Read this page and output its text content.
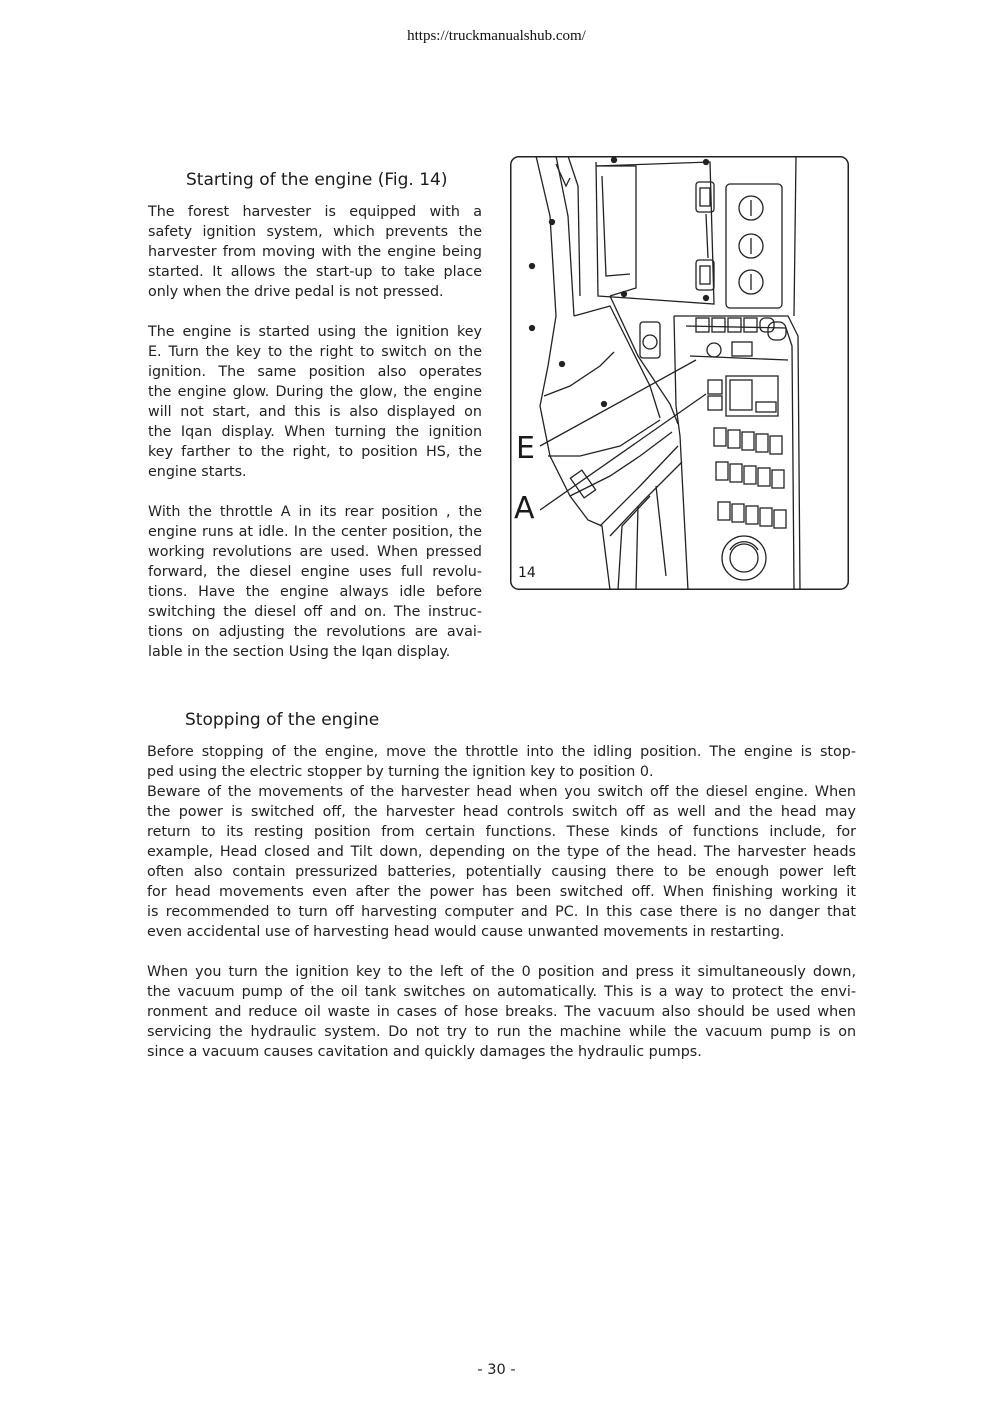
https://truckmanualshub.com/
Starting of the engine (Fig. 14)
The forest harvester is equipped with a
safety ignition system, which prevents the
harvester from moving with the engine being
started. It allows the start-up to take place
only when the drive pedal is not pressed.
The engine is started using the ignition key
E. Turn the key to the right to switch on the
ignition. The same position also operates
the engine glow. During the glow, the engine
will not start, and this is also displayed on
the Iqan display. When turning the ignition
key farther to the right, to position HS, the
engine starts.
With the throttle A in its rear position , the
engine runs at idle. In the center position, the
working revolutions are used. When pressed
forward, the diesel engine uses full revolu-
tions. Have the engine always idle before
switching the diesel off and on. The instruc-
tions on adjusting the revolutions are avai-
lable in the section Using the Iqan display.
E
A
14
Stopping of the engine
Before stopping of the engine, move the throttle into the idling position. The engine is stop-
ped using the electric stopper by turning the ignition key to position 0.
Beware of the movements of the harvester head when you switch off the diesel engine. When
the power is switched off, the harvester head controls switch off as well and the head may
return to its resting position from certain functions. These kinds of functions include, for
example, Head closed and Tilt down, depending on the type of the head. The harvester heads
often also contain pressurized batteries, potentially causing there to be enough power left
for head movements even after the power has been switched off. When finishing working it
is recommended to turn off harvesting computer and PC. In this case there is no danger that
even accidental use of harvesting head would cause unwanted movements in restarting.
When you turn the ignition key to the left of the 0 position and press it simultaneously down,
the vacuum pump of the oil tank switches on automatically. This is a way to protect the envi-
ronment and reduce oil waste in cases of hose breaks. The vacuum also should be used when
servicing the hydraulic system. Do not try to run the machine while the vacuum pump is on
since a vacuum causes cavitation and quickly damages the hydraulic pumps.
- 30 -
